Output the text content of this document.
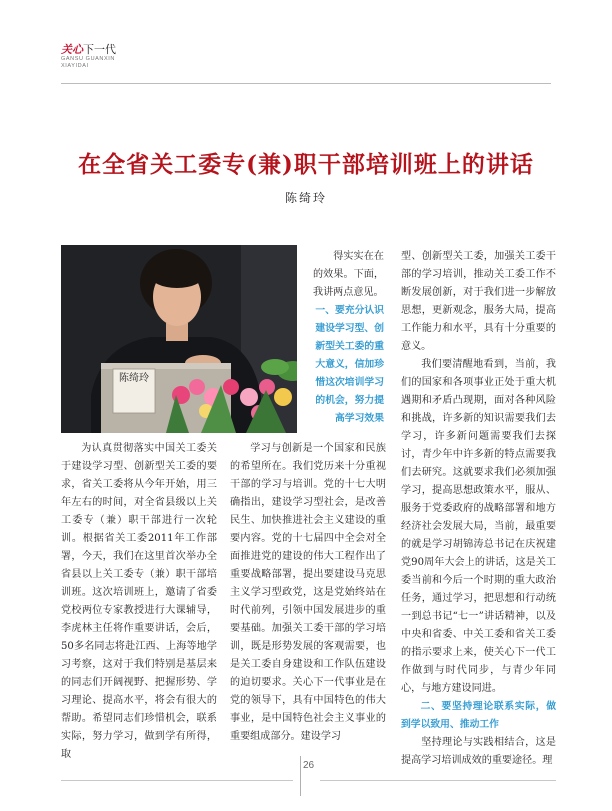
关心下一代
GANSU GUANXIN
XIAYIDAI
在全省关工委专(兼)职干部培训班上的讲话
陈绮玲
陈绮玲

得实实在在的效果。下面，我讲两点意见。

一、要充分认识建设学习型、创新型关工委的重大意义，信加珍惜这次培训学习的机会，努力提高学习效果

为认真贯彻落实中国关工委关于建设学习型、创新型关工委的要求，省关工委将从今年开始，用三年左右的时间，对全省县级以上关工委专（兼）职干部进行一次轮训。根据省关工委2011年工作部署，今天，我们在这里首次举办全省县以上关工委专（兼）职干部培训班。这次培训班上，邀请了省委党校两位专家教授进行大课辅导，李虎林主任将作重要讲话，会后，50多名同志将赴江西、上海等地学习考察，这对于我们特别是基层来的同志们开阔视野、把握形势、学习理论、提高水平，将会有很大的帮助。希望同志们珍惜机会，联系实际，努力学习，做到学有所得，取

学习与创新是一个国家和民族的希望所在。我们党历来十分重视干部的学习与培训。党的十七大明确指出，建设学习型社会，是改善民生、加快推进社会主义建设的重要内容。党的十七届四中全会对全面推进党的建设的伟大工程作出了重要战略部署，提出要建设马克思主义学习型政党，这是党始终站在时代前列，引领中国发展进步的重要基础。加强关工委干部的学习培训，既是形势发展的客观需要，也是关工委自身建设和工作队伍建设的迫切要求。关心下一代事业是在党的领导下，具有中国特色的伟大事业，是中国特色社会主义事业的重要组成部分。建设学习

型、创新型关工委，加强关工委干部的学习培训，推动关工委工作不断发展创新，对于我们进一步解放思想，更新观念，服务大局，提高工作能力和水平，具有十分重要的意义。

我们要清醒地看到，当前，我们的国家和各项事业正处于重大机遇期和矛盾凸现期，面对各种风险和挑战，许多新的知识需要我们去学习，许多新问题需要我们去探讨，青少年中许多新的特点需要我们去研究。这就要求我们必须加强学习，提高思想政策水平，服从、服务于党委政府的战略部署和地方经济社会发展大局，当前，最重要的就是学习胡锦涛总书记在庆祝建党90周年大会上的讲话，这是关工委当前和今后一个时期的重大政治任务，通过学习，把思想和行动统一到总书记“七一”讲话精神，以及中央和省委、中关工委和省关工委的指示要求上来，使关心下一代工作做到与时代同步，与青少年同心，与地方建设同进。

二、要坚持理论联系实际，做到学以致用、推动工作

坚持理论与实践相结合，这是提高学习培训成效的重要途径。理

26
